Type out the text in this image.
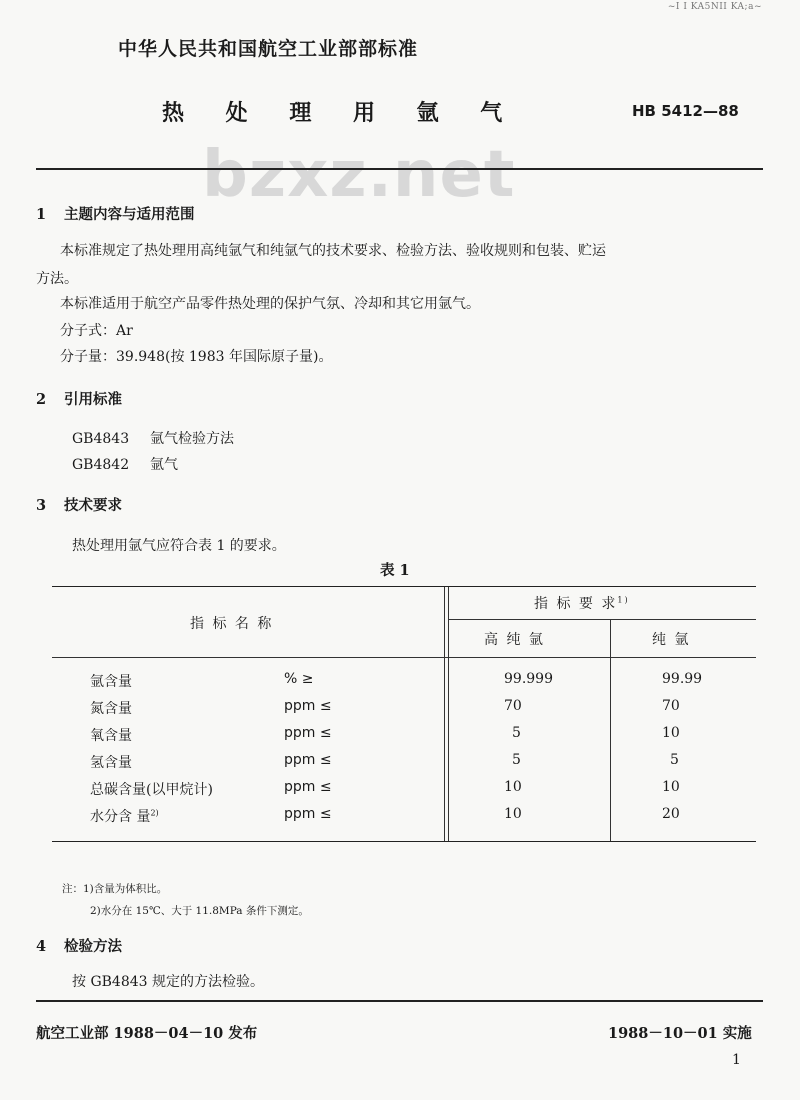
~I I KA5NII KA;a~
中华人民共和国航空工业部部标准
热 处 理 用 氩 气	HB 5412—88
bzxz.net
1 主题内容与适用范围
本标准规定了热处理用高纯氩气和纯氩气的技术要求、检验方法、验收规则和包装、贮运
方法。
本标准适用于航空产品零件热处理的保护气氛、冷却和其它用氩气。
分子式：Ar
分子量：39.948(按 1983 年国际原子量)。
2 引用标准
GB4843 氩气检验方法
GB4842 氩气
3 技术要求
热处理用氩气应符合表 1 的要求。
表 1
指 标 名 称
指 标 要 求$^{1)}$
高 纯 氩	纯 氩
氩含量	% ≥	99.999	99.99
氮含量	ppm ≤	70	70
氧含量	ppm ≤	5	10
氢含量	ppm ≤	5	5
总碳含量(以甲烷计)	ppm ≤	10	10
水分含 量$^{2)}$	ppm ≤	10	20
注：1)含量为体积比。
2)水分在 15℃、大于 11.8MPa 条件下测定。
4 检验方法
按 GB4843 规定的方法检验。
航空工业部 1988－04－10 发布	1988－10－01 实施
1
